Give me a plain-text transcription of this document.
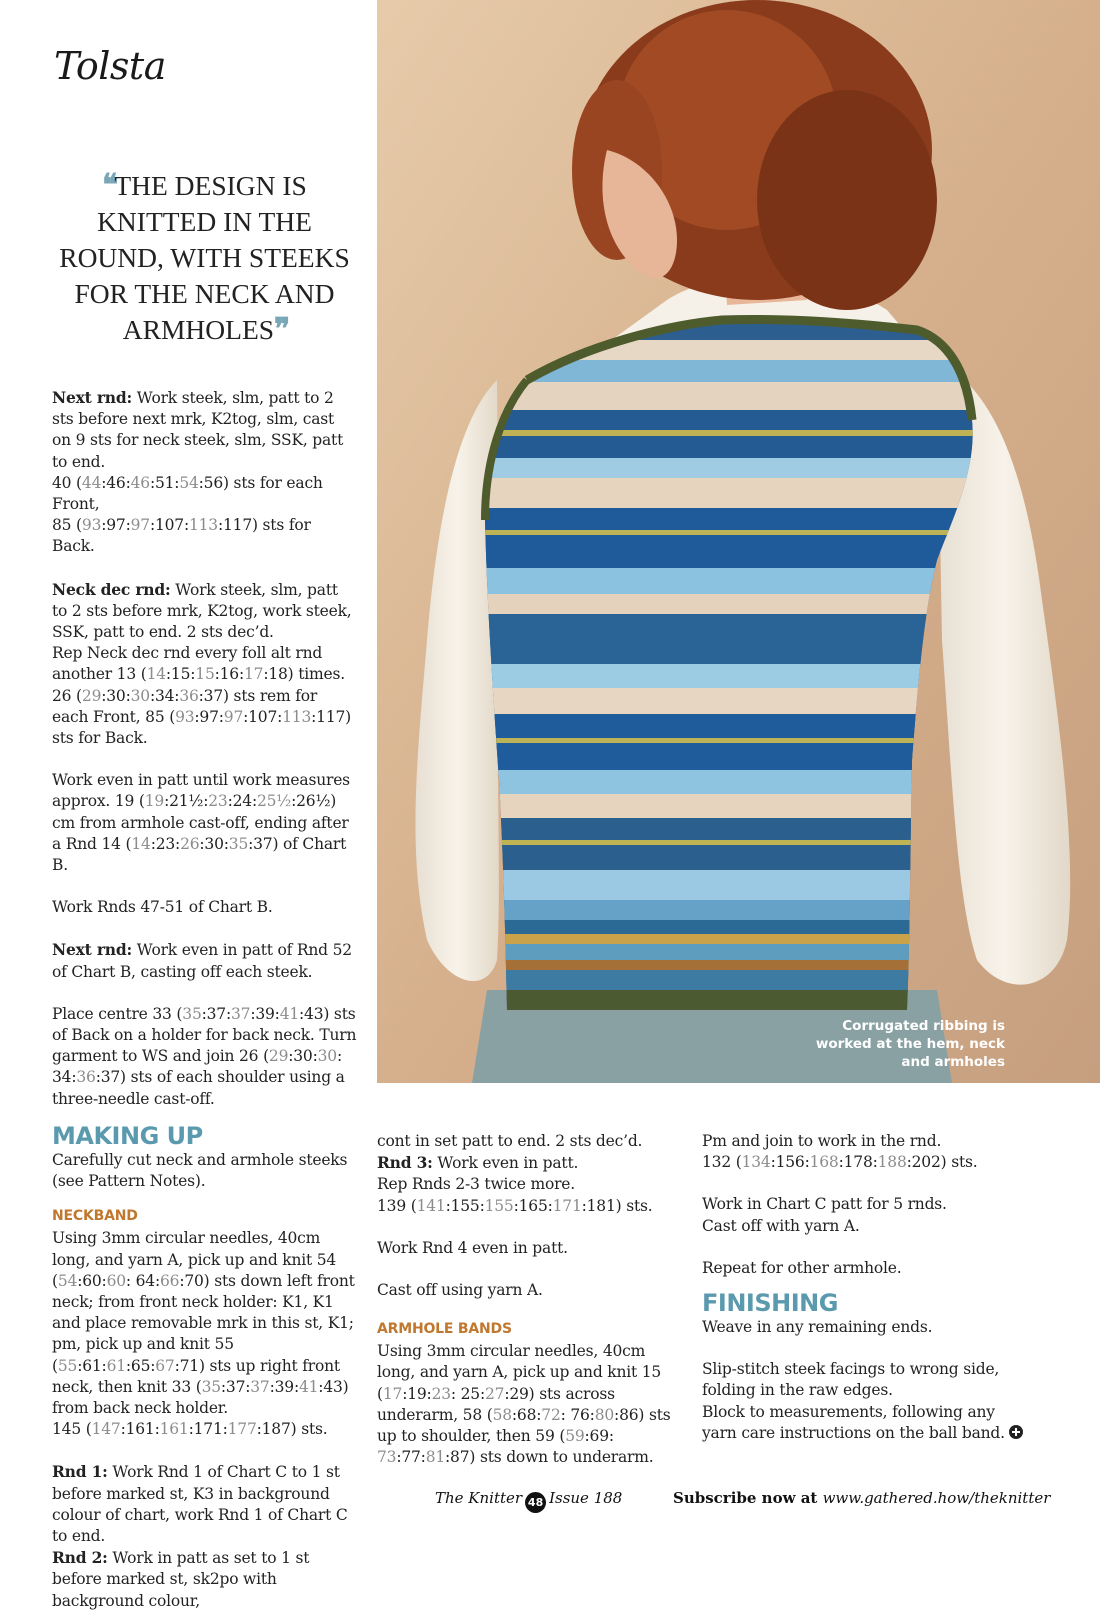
Tolsta
❝THE DESIGN IS KNITTED IN THE ROUND, WITH STEEKS FOR THE NECK AND ARMHOLES❞
Next rnd: Work steek, slm, patt to 2 sts before next mrk, K2tog, slm, cast on 9 sts for neck steek, slm, SSK, patt to end.
40 (44:46:46:51:54:56) sts for each Front,
85 (93:97:97:107:113:117) sts for Back.

Neck dec rnd: Work steek, slm, patt to 2 sts before mrk, K2tog, work steek, SSK, patt to end. 2 sts dec’d.
Rep Neck dec rnd every foll alt rnd another 13 (14:15:15:16:17:18) times.
26 (29:30:30:34:36:37) sts rem for each Front, 85 (93:97:97:107:113:117) sts for Back.

Work even in patt until work measures approx. 19 (19:21½:23:24:25½:26½) cm from armhole cast-off, ending after a Rnd 14 (14:23:26:30:35:37) of Chart B.

Work Rnds 47-51 of Chart B.

Next rnd: Work even in patt of Rnd 52 of Chart B, casting off each steek.

Place centre 33 (35:37:37:39:41:43) sts of Back on a holder for back neck. Turn garment to WS and join 26 (29:30:30: 34:36:37) sts of each shoulder using a three-needle cast-off.

MAKING UP

Carefully cut neck and armhole steeks (see Pattern Notes).

NECKBAND
Using 3mm circular needles, 40cm long, and yarn A, pick up and knit 54 (54:60:60: 64:66:70) sts down left front neck; from front neck holder: K1, K1 and place removable mrk in this st, K1; pm, pick up and knit 55 (55:61:61:65:67:71) sts up right front neck, then knit 33 (35:37:37:39:41:43) from back neck holder.
145 (147:161:161:171:177:187) sts.

Rnd 1: Work Rnd 1 of Chart C to 1 st before marked st, K3 in background colour of chart, work Rnd 1 of Chart C to end.
Rnd 2: Work in patt as set to 1 st before marked st, sk2po with background colour,
Corrugated ribbing is worked at the hem, neck and armholes
cont in set patt to end. 2 sts dec’d.
Rnd 3: Work even in patt.
Rep Rnds 2-3 twice more.
139 (141:155:155:165:171:181) sts.

Work Rnd 4 even in patt.

Cast off using yarn A.

ARMHOLE BANDS
Using 3mm circular needles, 40cm long, and yarn A, pick up and knit 15 (17:19:23: 25:27:29) sts across underarm, 58 (58:68:72: 76:80:86) sts up to shoulder, then 59 (59:69: 73:77:81:87) sts down to underarm.
Pm and join to work in the rnd.
132 (134:156:168:178:188:202) sts.

Work in Chart C patt for 5 rnds.
Cast off with yarn A.

Repeat for other armhole.

FINISHING

Weave in any remaining ends.

Slip-stitch steek facings to wrong side, folding in the raw edges.
Block to measurements, following any yarn care instructions on the ball band.
The Knitter 48 Issue 188	Subscribe now at www.gathered.how/theknitter
